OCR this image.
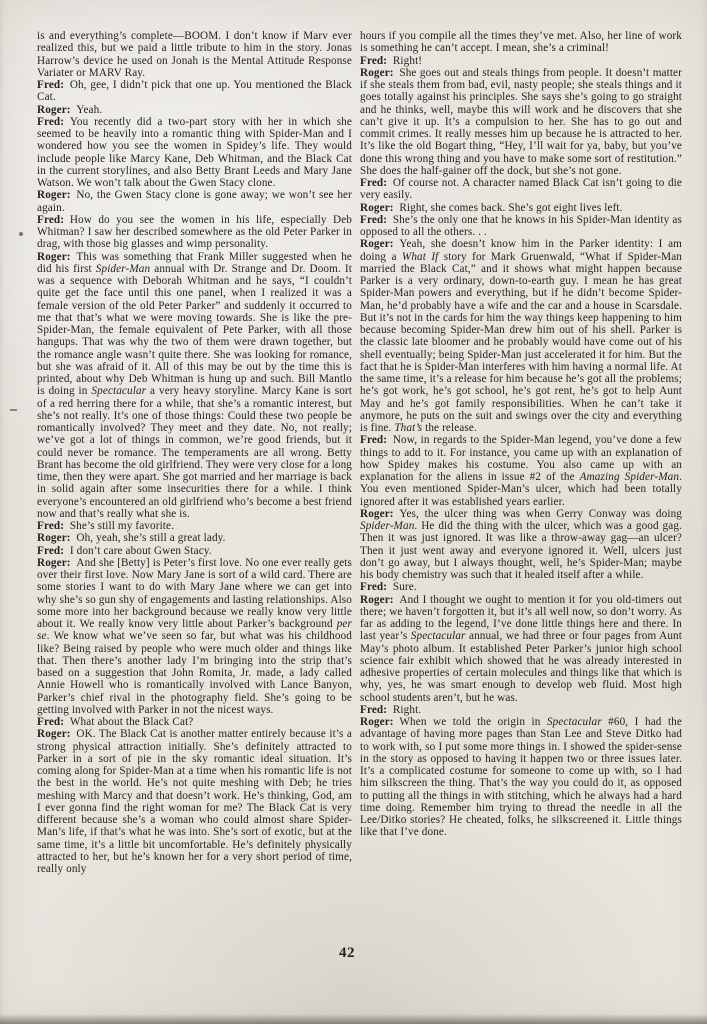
is and everything’s complete—BOOM. I don’t know if Marv ever realized this, but we paid a little tribute to him in the story. Jonas Harrow’s device he used on Jonah is the Mental Attitude Response Variater or MARV Ray.

Fred:  Oh, gee, I didn’t pick that one up. You mentioned the Black Cat.

Roger:  Yeah.

Fred:  You recently did a two-part story with her in which she seemed to be heavily into a romantic thing with Spider-Man and I wondered how you see the women in Spidey’s life. They would include people like Marcy Kane, Deb Whitman, and the Black Cat in the current storylines, and also Betty Brant Leeds and Mary Jane Watson. We won’t talk about the Gwen Stacy clone.

Roger:  No, the Gwen Stacy clone is gone away; we won’t see her again.

Fred:  How do you see the women in his life, especially Deb Whitman? I saw her described somewhere as the old Peter Parker in drag, with those big glasses and wimp personality.

Roger:  This was something that Frank Miller suggested when he did his first Spider-Man annual with Dr. Strange and Dr. Doom. It was a sequence with Deborah Whitman and he says, “I couldn’t quite get the face until this one panel, when I realized it was a female version of the old Peter Parker” and suddenly it occurred to me that that’s what we were moving towards. She is like the pre-Spider-Man, the female equivalent of Pete Parker, with all those hangups. That was why the two of them were drawn together, but the romance angle wasn’t quite there. She was looking for romance, but she was afraid of it. All of this may be out by the time this is printed, about why Deb Whitman is hung up and such. Bill Mantlo is doing in Spectacular a very heavy storyline. Marcy Kane is sort of a red herring there for a while, that she’s a romantic interest, but she’s not really. It’s one of those things: Could these two people be romantically involved? They meet and they date. No, not really; we’ve got a lot of things in common, we’re good friends, but it could never be romance. The temperaments are all wrong. Betty Brant has become the old girlfriend. They were very close for a long time, then they were apart. She got married and her marriage is back in solid again after some insecurities there for a while. I think everyone’s encountered an old girlfriend who’s become a best friend now and that’s really what she is.

Fred:  She’s still my favorite.

Roger:  Oh, yeah, she’s still a great lady.

Fred:  I don’t care about Gwen Stacy.

Roger:  And she [Betty] is Peter’s first love. No one ever really gets over their first love. Now Mary Jane is sort of a wild card. There are some stories I want to do with Mary Jane where we can get into why she’s so gun shy of engagements and lasting relationships. Also some more into her background because we really know very little about it. We really know very little about Parker’s background per se. We know what we’ve seen so far, but what was his childhood like? Being raised by people who were much older and things like that. Then there’s another lady I’m bringing into the strip that’s based on a suggestion that John Romita, Jr. made, a lady called Annie Howell who is romantically involved with Lance Banyon, Parker’s chief rival in the photography field. She’s going to be getting involved with Parker in not the nicest ways.

Fred:  What about the Black Cat?

Roger:  OK. The Black Cat is another matter entirely because it’s a strong physical attraction initially. She’s definitely attracted to Parker in a sort of pie in the sky romantic ideal situation. It’s coming along for Spider-Man at a time when his romantic life is not the best in the world. He’s not quite meshing with Deb; he tries meshing with Marcy and that doesn’t work. He’s thinking, God, am I ever gonna find the right woman for me? The Black Cat is very different because she’s a woman who could almost share Spider-Man’s life, if that’s what he was into. She’s sort of exotic, but at the same time, it’s a little bit uncomfortable. He’s definitely physically attracted to her, but he’s known her for a very short period of time, really only

hours if you compile all the times they’ve met. Also, her line of work is something he can’t accept. I mean, she’s a criminal!

Fred:  Right!

Roger:  She goes out and steals things from people. It doesn’t matter if she steals them from bad, evil, nasty people; she steals things and it goes totally against his principles. She says she’s going to go straight and he thinks, well, maybe this will work and he discovers that she can’t give it up. It’s a compulsion to her. She has to go out and commit crimes. It really messes him up because he is attracted to her. It’s like the old Bogart thing, “Hey, I’ll wait for ya, baby, but you’ve done this wrong thing and you have to make some sort of restitution.” She does the half-gainer off the dock, but she’s not gone.

Fred:  Of course not. A character named Black Cat isn’t going to die very easily.

Roger:  Right, she comes back. She’s got eight lives left.

Fred:  She’s the only one that he knows in his Spider-Man identity as opposed to all the others. . .

Roger:  Yeah, she doesn’t know him in the Parker identity: I am doing a What If story for Mark Gruenwald, “What if Spider-Man married the Black Cat,” and it shows what might happen because Parker is a very ordinary, down-to-earth guy. I mean he has great Spider-Man powers and everything, but if he didn’t become Spider-Man, he’d probably have a wife and the car and a house in Scarsdale. But it’s not in the cards for him the way things keep happening to him because becoming Spider-Man drew him out of his shell. Parker is the classic late bloomer and he probably would have come out of his shell eventually; being Spider-Man just accelerated it for him. But the fact that he is Spider-Man interferes with him having a normal life. At the same time, it’s a release for him because he’s got all the problems; he’s got work, he’s got school, he’s got rent, he’s got to help Aunt May and he’s got family responsibilities. When he can’t take it anymore, he puts on the suit and swings over the city and everything is fine. That’s the release.

Fred:  Now, in regards to the Spider-Man legend, you’ve done a few things to add to it. For instance, you came up with an explanation of how Spidey makes his costume. You also came up with an explanation for the aliens in issue #2 of the Amazing Spider-Man. You even mentioned Spider-Man’s ulcer, which had been totally ignored after it was established years earlier.

Roger:  Yes, the ulcer thing was when Gerry Conway was doing Spider-Man. He did the thing with the ulcer, which was a good gag. Then it was just ignored. It was like a throw-away gag—an ulcer? Then it just went away and everyone ignored it. Well, ulcers just don’t go away, but I always thought, well, he’s Spider-Man; maybe his body chemistry was such that it healed itself after a while.

Fred:  Sure.

Roger:  And I thought we ought to mention it for you old-timers out there; we haven’t forgotten it, but it’s all well now, so don’t worry. As far as adding to the legend, I’ve done little things here and there. In last year’s Spectacular annual, we had three or four pages from Aunt May’s photo album. It established Peter Parker’s junior high school science fair exhibit which showed that he was already interested in adhesive properties of certain molecules and things like that which is why, yes, he was smart enough to develop web fluid. Most high school students aren’t, but he was.

Fred:  Right.

Roger:  When we told the origin in Spectacular #60, I had the advantage of having more pages than Stan Lee and Steve Ditko had to work with, so I put some more things in. I showed the spider-sense in the story as opposed to having it happen two or three issues later. It’s a complicated costume for someone to come up with, so I had him silkscreen the thing. That’s the way you could do it, as opposed to putting all the things in with stitching, which he always had a hard time doing. Remember him trying to thread the needle in all the Lee/Ditko stories? He cheated, folks, he silkscreened it. Little things like that I’ve done.

42
